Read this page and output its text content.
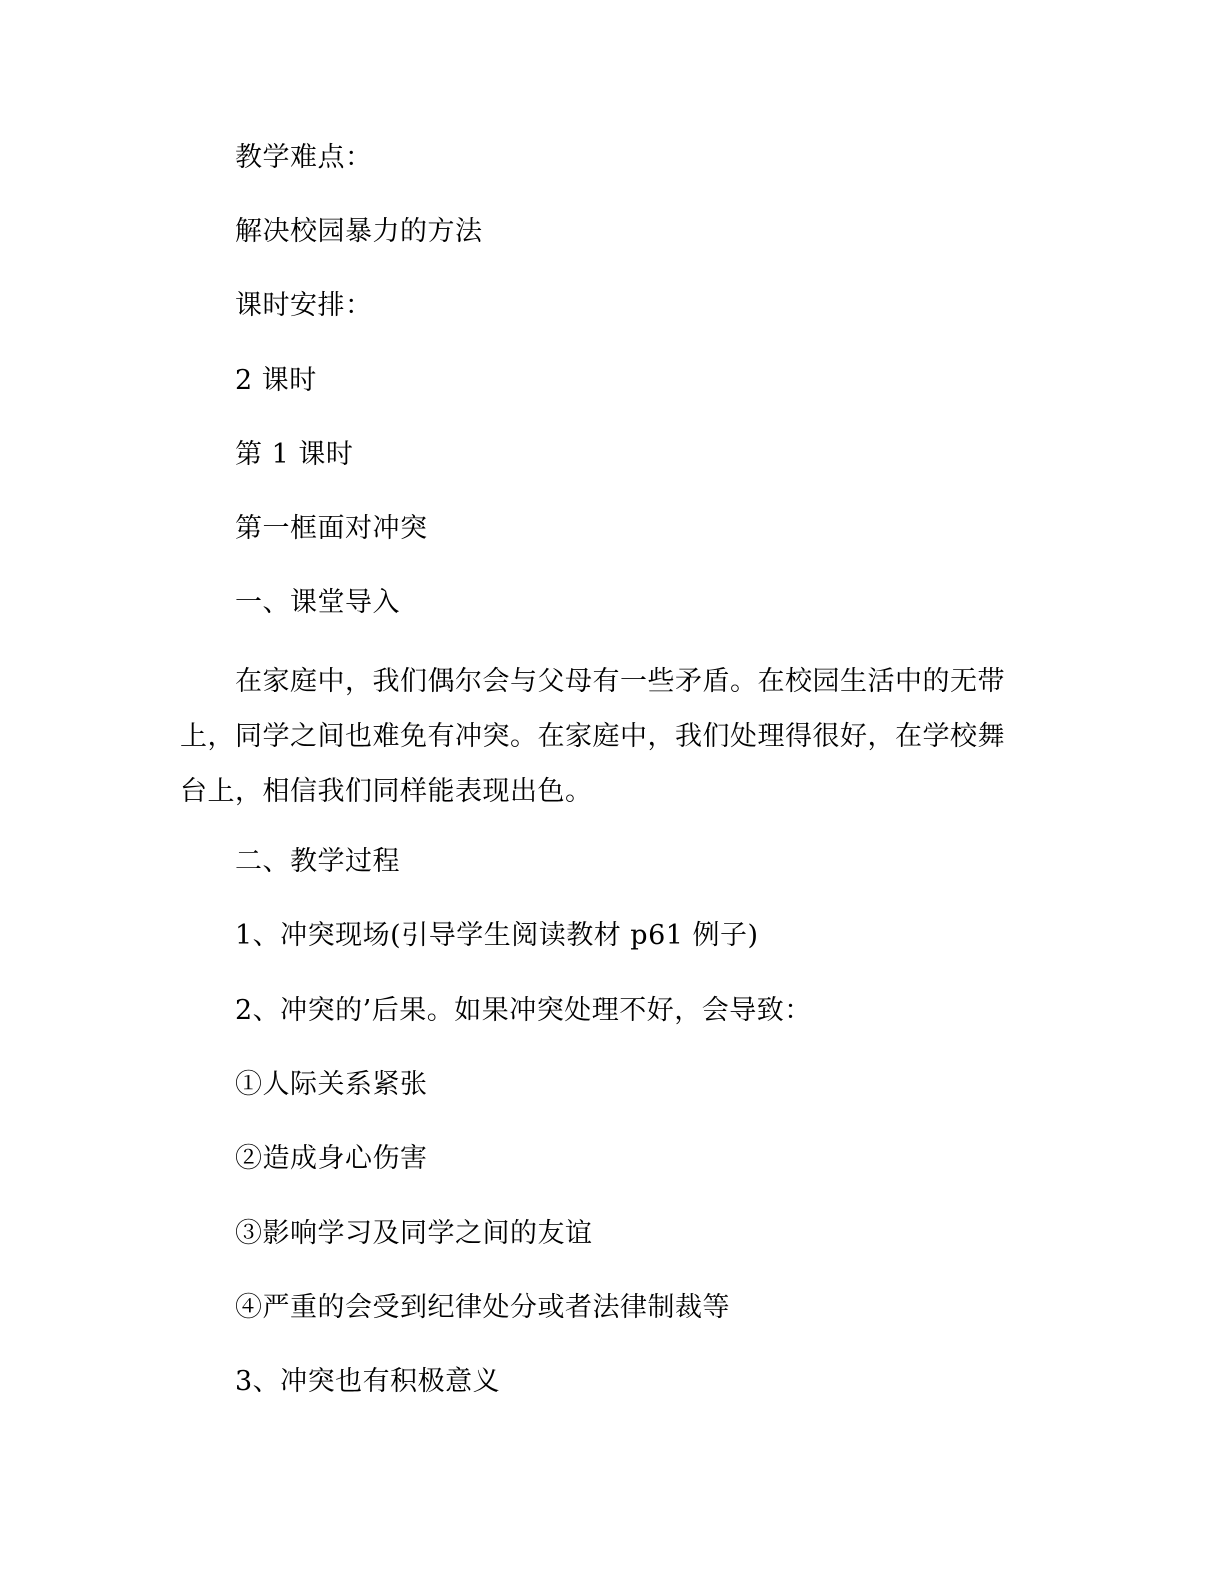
教学难点：
解决校园暴力的方法
课时安排：
2 课时
第 1 课时
第一框面对冲突
一、课堂导入
在家庭中，我们偶尔会与父母有一些矛盾。在校园生活中的无带上，同学之间也难免有冲突。在家庭中，我们处理得很好，在学校舞台上，相信我们同样能表现出色。
二、教学过程
1、冲突现场(引导学生阅读教材 p61 例子)
2、冲突的’后果。如果冲突处理不好，会导致：
①人际关系紧张
②造成身心伤害
③影响学习及同学之间的友谊
④严重的会受到纪律处分或者法律制裁等
3、冲突也有积极意义
